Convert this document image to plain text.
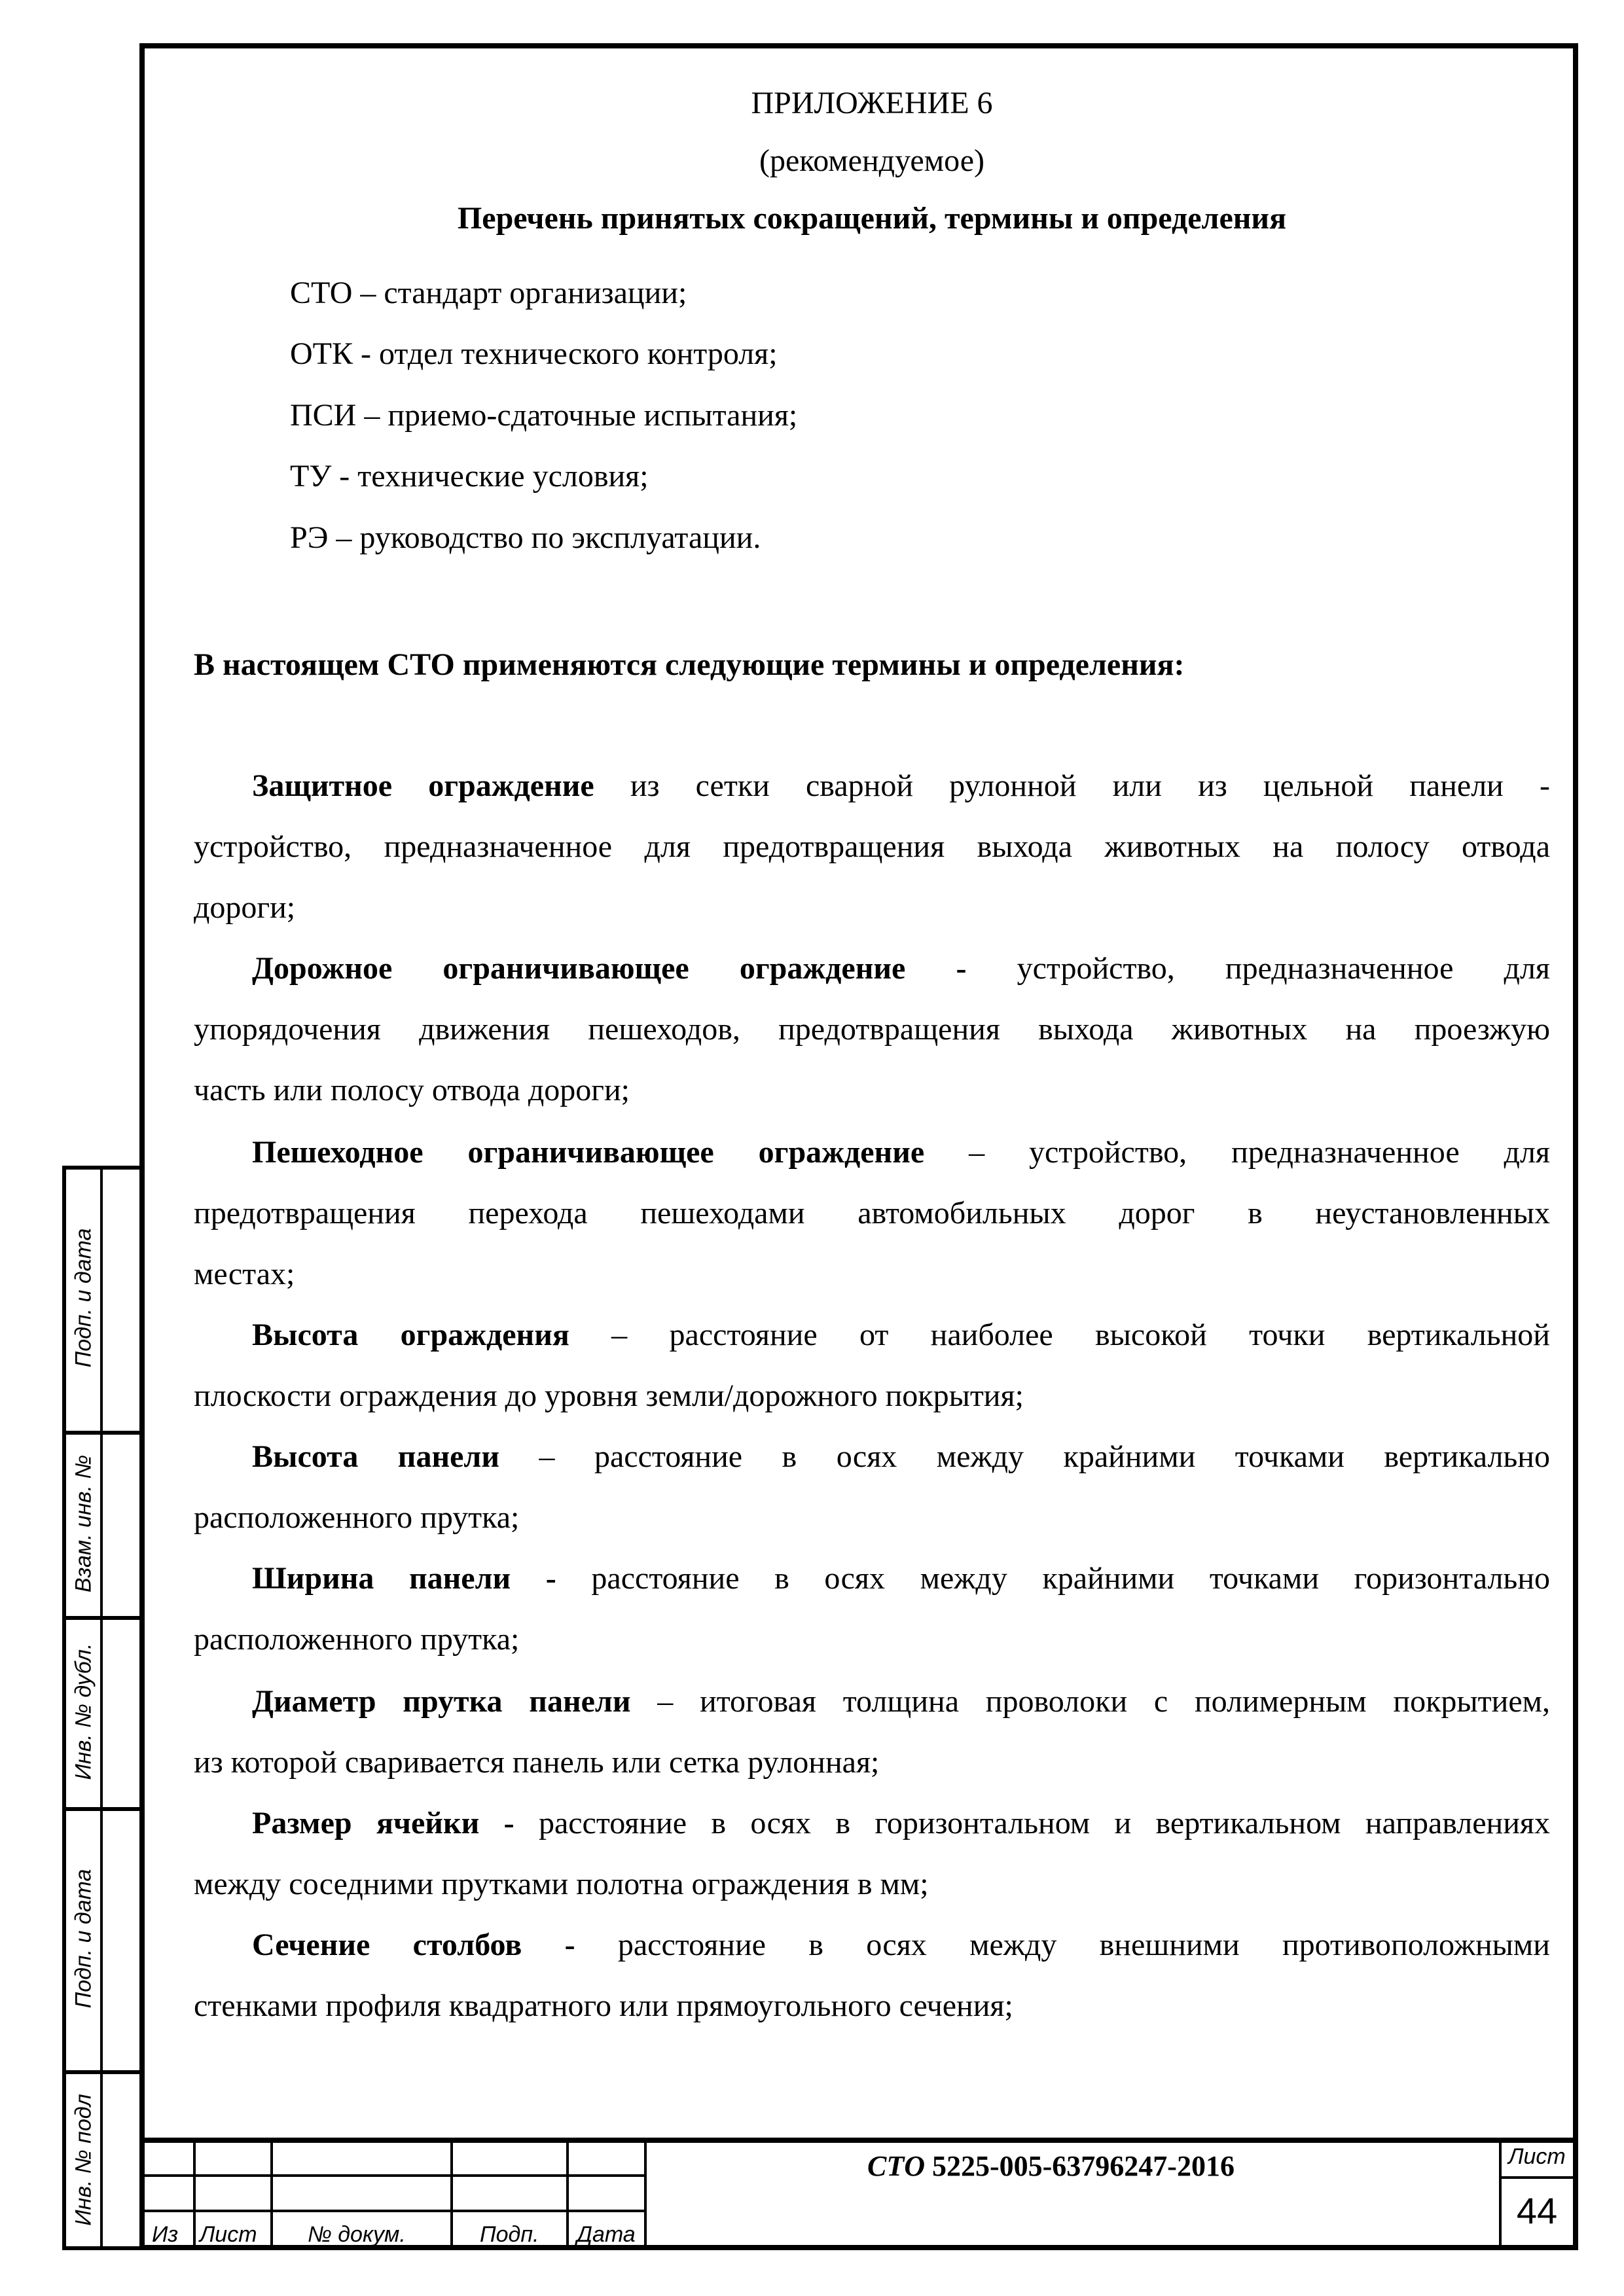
ПРИЛОЖЕНИЕ 6
(рекомендуемое)
Перечень принятых сокращений, термины и определения
СТО – стандарт организации;
ОТК - отдел технического контроля;
ПСИ – приемо-сдаточные испытания;
ТУ - технические условия;
РЭ – руководство по эксплуатации.
В настоящем СТО применяются следующие термины и определения:
Защитное ограждение из сетки сварной рулонной или из цельной панели -
устройство, предназначенное для предотвращения выхода животных на полосу отвода
дороги;
Дорожное ограничивающее ограждение - устройство, предназначенное для
упорядочения движения пешеходов, предотвращения выхода животных на проезжую
часть или полосу отвода дороги;
Пешеходное ограничивающее ограждение – устройство, предназначенное для
предотвращения перехода пешеходами автомобильных дорог в неустановленных
местах;
Высота ограждения – расстояние от наиболее высокой точки вертикальной
плоскости ограждения до уровня земли/дорожного покрытия;
Высота панели – расстояние в осях между крайними точками вертикально
расположенного прутка;
Ширина панели - расстояние в осях между крайними точками горизонтально
расположенного прутка;
Диаметр прутка панели – итоговая толщина проволоки с полимерным покрытием,
из которой сваривается панель или сетка рулонная;
Размер ячейки - расстояние в осях в горизонтальном и вертикальном направлениях
между соседними прутками полотна ограждения в мм;
Сечение столбов - расстояние в осях между внешними противоположными
стенками профиля квадратного или прямоугольного сечения;
Подп. и дата
Взам. инв. №
Инв. № дубл.
Подп. и дата
Инв. № подл
Из Лист № докум.	Подп. Дата
СТО 5225-005-63796247-2016	Лист
44
